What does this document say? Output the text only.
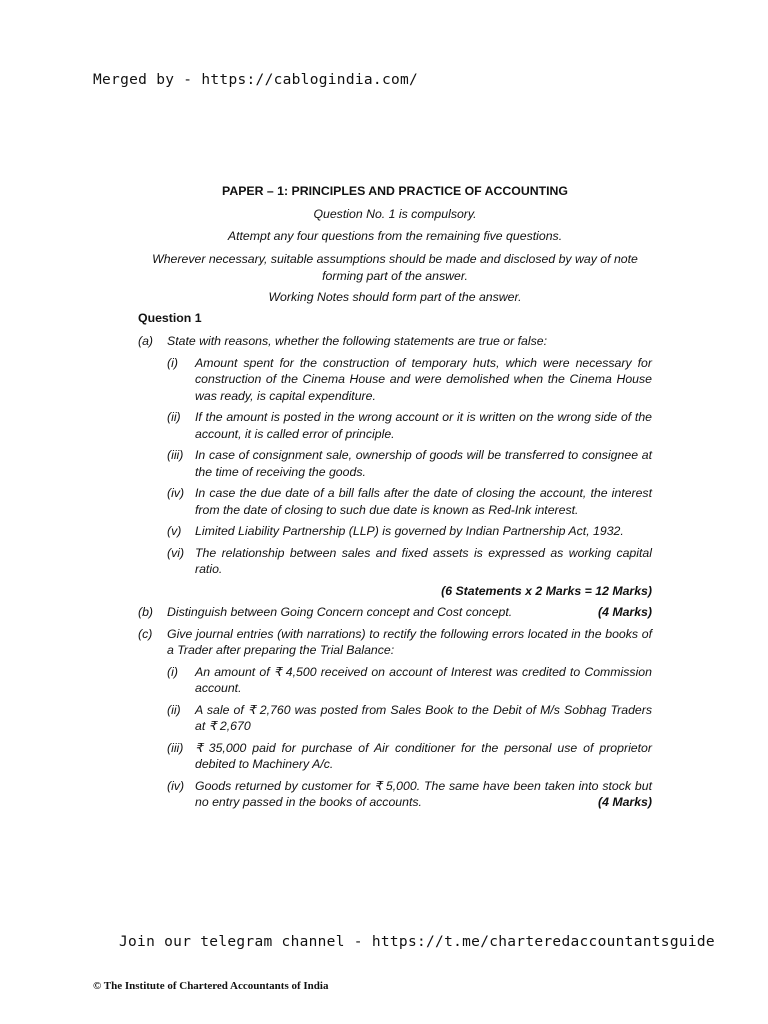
Merged by - https://cablogindia.com/
PAPER – 1: PRINCIPLES AND PRACTICE OF ACCOUNTING
Question No. 1 is compulsory.
Attempt any four questions from the remaining five questions.
Wherever necessary, suitable assumptions should be made and disclosed by way of note forming part of the answer.
Working Notes should form part of the answer.
Question 1
(a) State with reasons, whether the following statements are true or false:
(i) Amount spent for the construction of temporary huts, which were necessary for construction of the Cinema House and were demolished when the Cinema House was ready, is capital expenditure.
(ii) If the amount is posted in the wrong account or it is written on the wrong side of the account, it is called error of principle.
(iii) In case of consignment sale, ownership of goods will be transferred to consignee at the time of receiving the goods.
(iv) In case the due date of a bill falls after the date of closing the account, the interest from the date of closing to such due date is known as Red-Ink interest.
(v) Limited Liability Partnership (LLP) is governed by Indian Partnership Act, 1932.
(vi) The relationship between sales and fixed assets is expressed as working capital ratio.
(6 Statements x 2 Marks = 12 Marks)
(b)	(4 Marks)
Distinguish between Going Concern concept and Cost concept.
(c) Give journal entries (with narrations) to rectify the following errors located in the books of a Trader after preparing the Trial Balance:
(i) An amount of ₹ 4,500 received on account of Interest was credited to Commission account.
(ii) A sale of ₹ 2,760 was posted from Sales Book to the Debit of M/s Sobhag Traders at ₹ 2,670
(iii) ₹ 35,000 paid for purchase of Air conditioner for the personal use of proprietor debited to Machinery A/c.
(iv) Goods returned by customer for ₹ 5,000. The same have been taken into stock but no entry passed in the books of accounts.	(4 Marks)
Join our telegram channel - https://t.me/charteredaccountantsguide
© The Institute of Chartered Accountants of India
